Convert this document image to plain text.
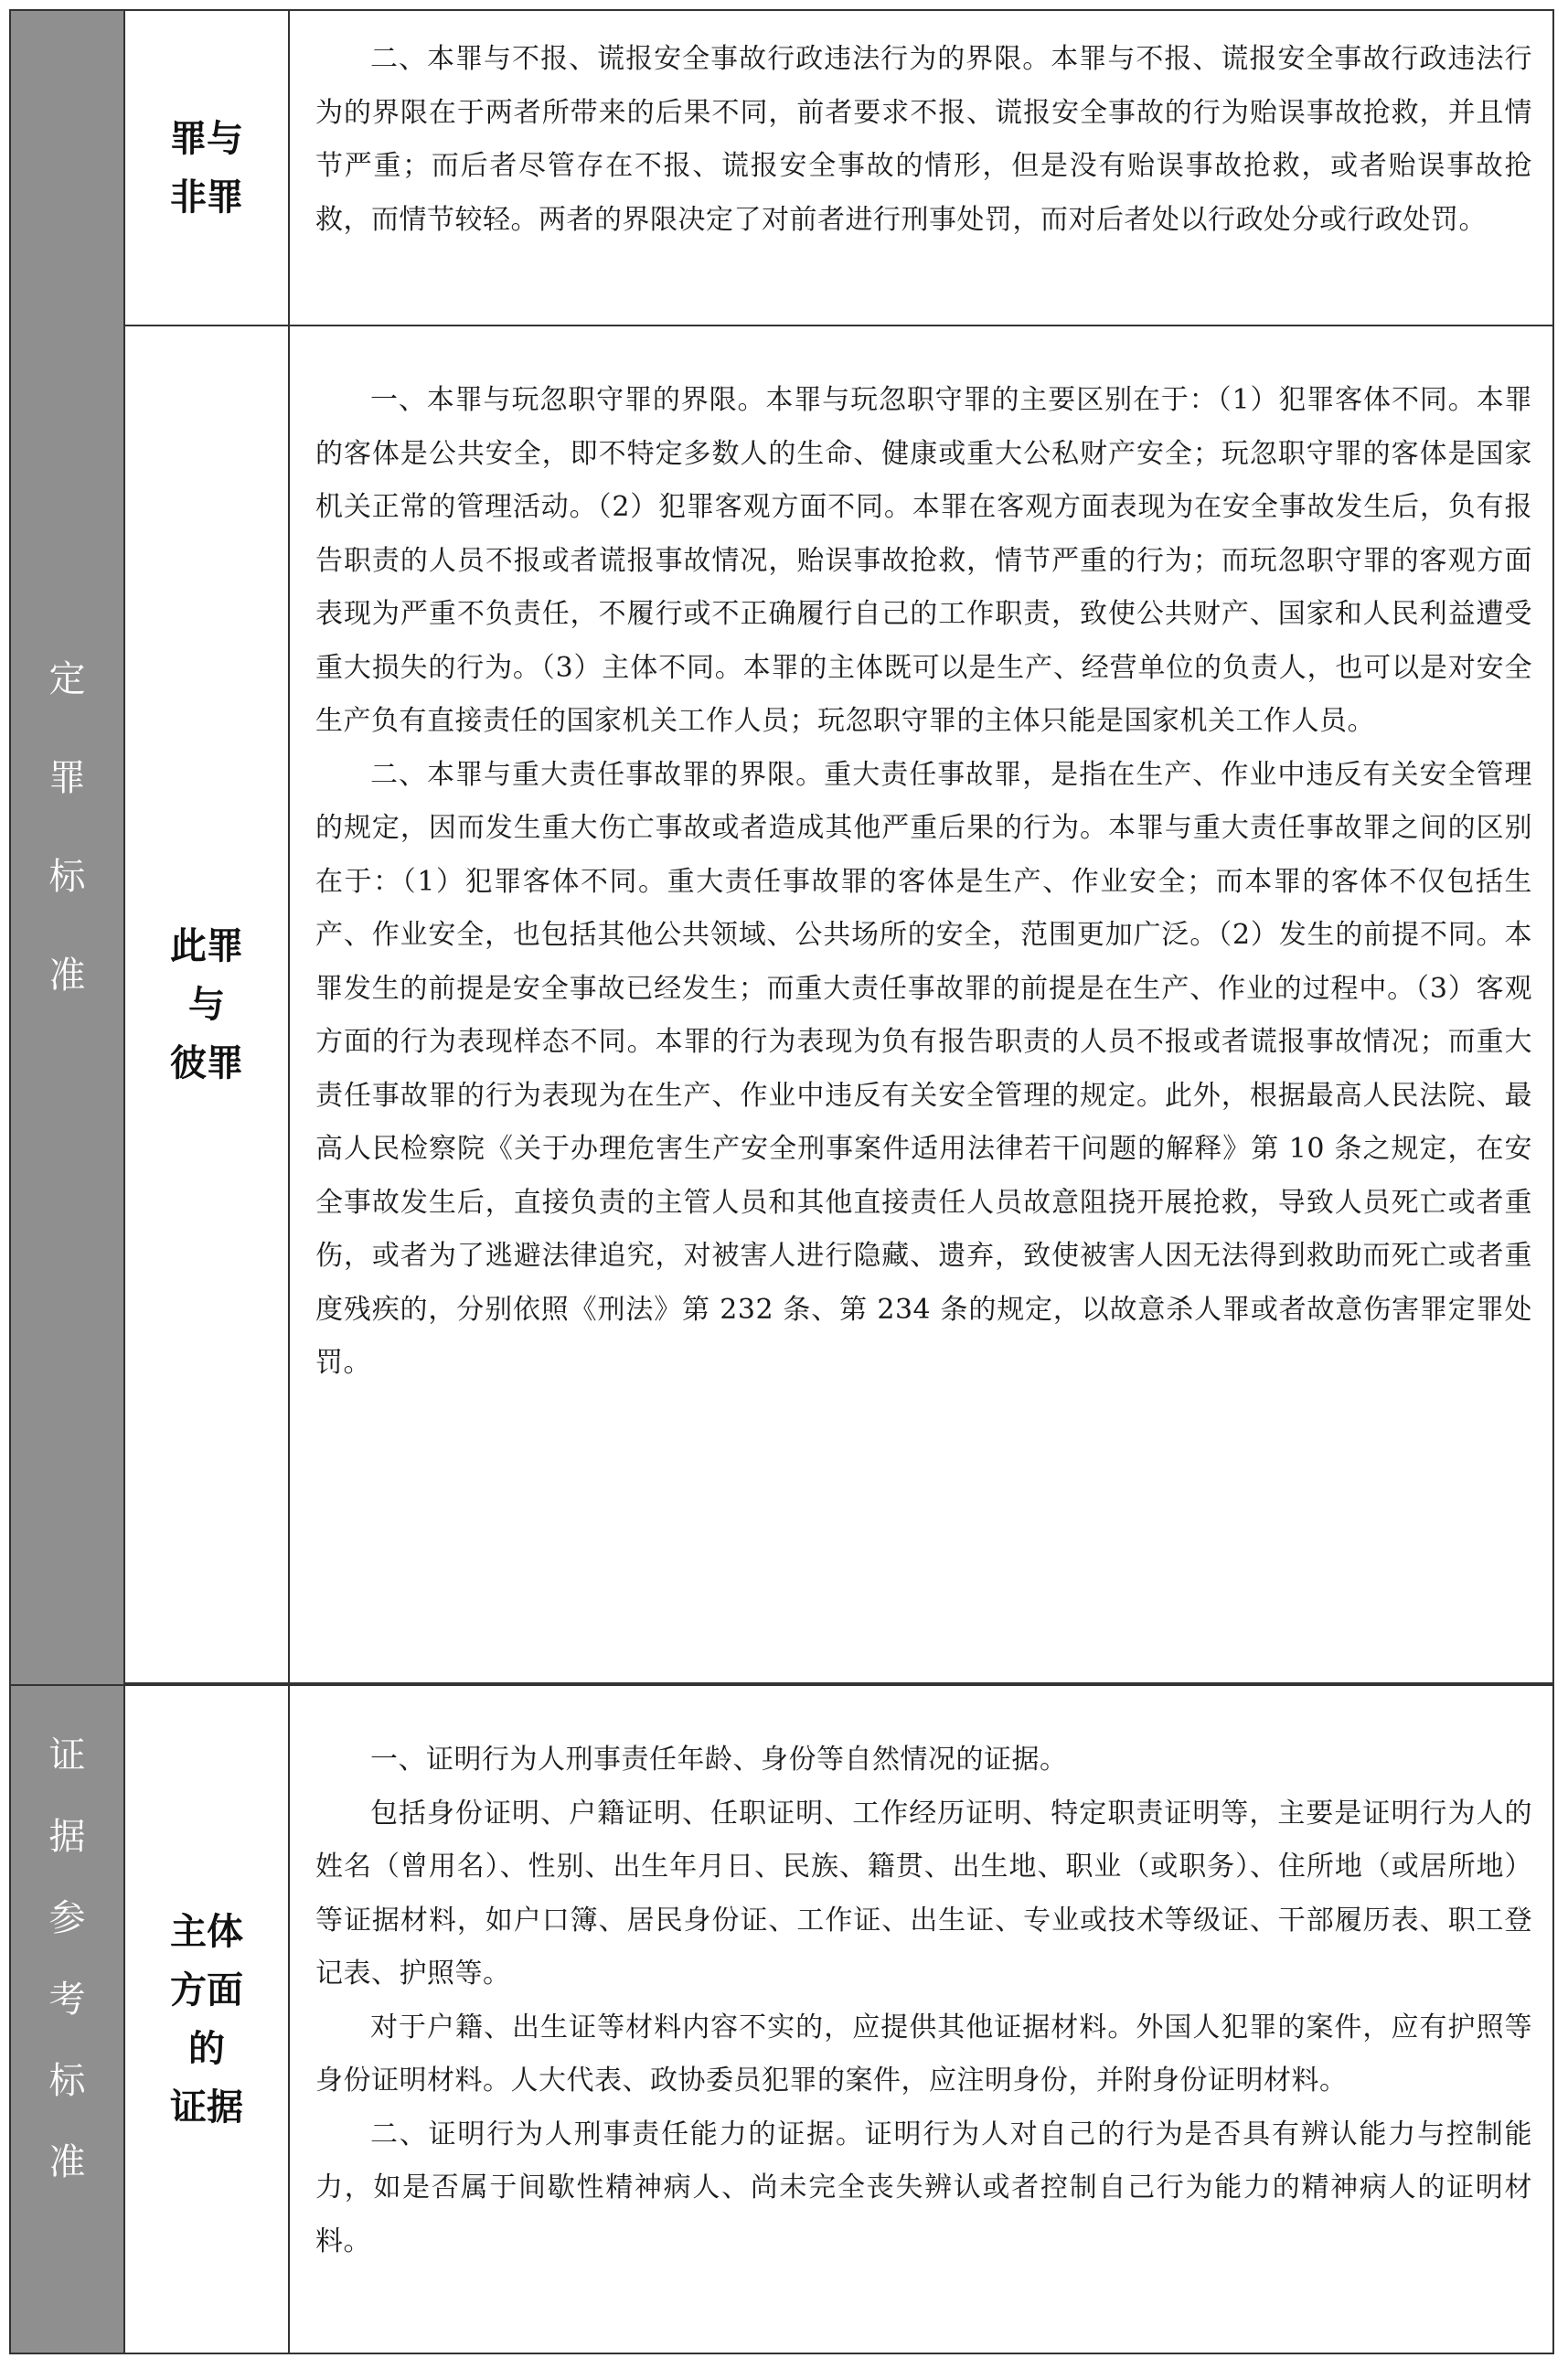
定
罪
标
准
证
据
参
考
标
准
罪与
非罪

二、本罪与不报、谎报安全事故行政违法行为的界限。本罪与不报、谎报安全事故行政违法行为的界限在于两者所带来的后果不同，前者要求不报、谎报安全事故的行为贻误事故抢救，并且情节严重；而后者尽管存在不报、谎报安全事故的情形，但是没有贻误事故抢救，或者贻误事故抢救，而情节较轻。两者的界限决定了对前者进行刑事处罚，而对后者处以行政处分或行政处罚。

此罪
与
彼罪

一、本罪与玩忽职守罪的界限。本罪与玩忽职守罪的主要区别在于：（1）犯罪客体不同。本罪的客体是公共安全，即不特定多数人的生命、健康或重大公私财产安全；玩忽职守罪的客体是国家机关正常的管理活动。（2）犯罪客观方面不同。本罪在客观方面表现为在安全事故发生后，负有报告职责的人员不报或者谎报事故情况，贻误事故抢救，情节严重的行为；而玩忽职守罪的客观方面表现为严重不负责任，不履行或不正确履行自己的工作职责，致使公共财产、国家和人民利益遭受重大损失的行为。（3）主体不同。本罪的主体既可以是生产、经营单位的负责人，也可以是对安全生产负有直接责任的国家机关工作人员；玩忽职守罪的主体只能是国家机关工作人员。

二、本罪与重大责任事故罪的界限。重大责任事故罪，是指在生产、作业中违反有关安全管理的规定，因而发生重大伤亡事故或者造成其他严重后果的行为。本罪与重大责任事故罪之间的区别在于：（1）犯罪客体不同。重大责任事故罪的客体是生产、作业安全；而本罪的客体不仅包括生产、作业安全，也包括其他公共领域、公共场所的安全，范围更加广泛。（2）发生的前提不同。本罪发生的前提是安全事故已经发生；而重大责任事故罪的前提是在生产、作业的过程中。（3）客观方面的行为表现样态不同。本罪的行为表现为负有报告职责的人员不报或者谎报事故情况；而重大责任事故罪的行为表现为在生产、作业中违反有关安全管理的规定。此外，根据最高人民法院、最高人民检察院《关于办理危害生产安全刑事案件适用法律若干问题的解释》第 10 条之规定，在安全事故发生后，直接负责的主管人员和其他直接责任人员故意阻挠开展抢救，导致人员死亡或者重伤，或者为了逃避法律追究，对被害人进行隐藏、遗弃，致使被害人因无法得到救助而死亡或者重度残疾的，分别依照《刑法》第 232 条、第 234 条的规定，以故意杀人罪或者故意伤害罪定罪处罚。

主体
方面
的
证据

一、证明行为人刑事责任年龄、身份等自然情况的证据。

包括身份证明、户籍证明、任职证明、工作经历证明、特定职责证明等，主要是证明行为人的姓名（曾用名）、性别、出生年月日、民族、籍贯、出生地、职业（或职务）、住所地（或居所地）等证据材料，如户口簿、居民身份证、工作证、出生证、专业或技术等级证、干部履历表、职工登记表、护照等。

对于户籍、出生证等材料内容不实的，应提供其他证据材料。外国人犯罪的案件，应有护照等身份证明材料。人大代表、政协委员犯罪的案件，应注明身份，并附身份证明材料。

二、证明行为人刑事责任能力的证据。证明行为人对自己的行为是否具有辨认能力与控制能力，如是否属于间歇性精神病人、尚未完全丧失辨认或者控制自己行为能力的精神病人的证明材料。
